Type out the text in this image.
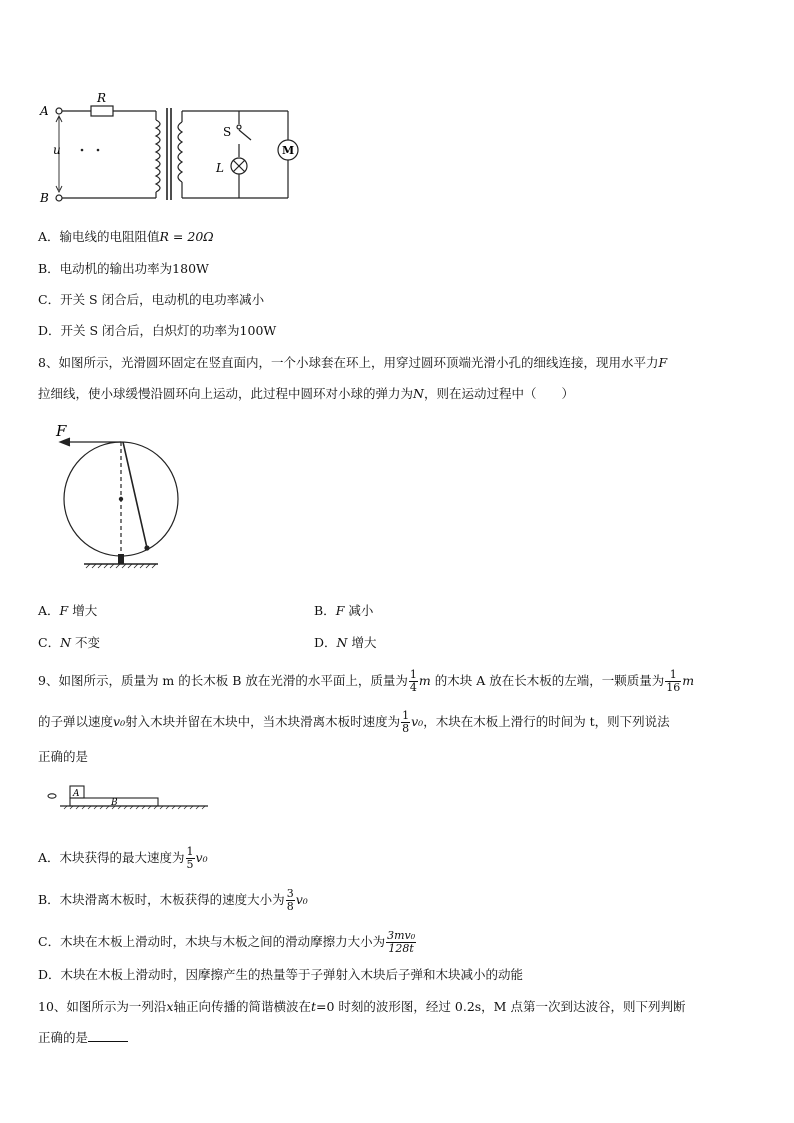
A
B
R
u
S
L
M
A．输电线的电阻阻值R = 20Ω
B．电动机的输出功率为180W
C．开关 S 闭合后，电动机的电功率减小
D．开关 S 闭合后，白炽灯的功率为100W
8、如图所示，光滑圆环固定在竖直面内，一个小球套在环上，用穿过圆环顶端光滑小孔的细线连接，现用水平力F
拉细线，使小球缓慢沿圆环向上运动，此过程中圆环对小球的弹力为N，则在运动过程中（　　）
F
A．F 增大	B．F 减小
C．N 不变	D．N 增大
9、如图所示，质量为 m 的长木板 B 放在光滑的水平面上，质量为 $\frac{1}{4}$ m 的木块 A 放在长木板的左端，一颗质量为 $\frac{1}{16}$ m
的子弹以速度v₀射入木块并留在木块中，当木块滑离木板时速度为 $\frac{1}{8} v_0$，木块在木板上滑行的时间为 t，则下列说法
正确的是
A
B
A．木块获得的最大速度为 $\frac{1}{5} v_0$
B．木块滑离木板时，木板获得的速度大小为 $\frac{3}{8} v_0$
C．木块在木板上滑动时，木块与木板之间的滑动摩擦力大小为 $\frac{\text{3mv₀}}{128t}$
D．木块在木板上滑动时，因摩擦产生的热量等于子弹射入木块后子弹和木块减小的动能
10、如图所示为一列沿x轴正向传播的简谐横波在t=0 时刻的波形图，经过 0.2s，M 点第一次到达波谷，则下列判断
正确的是
